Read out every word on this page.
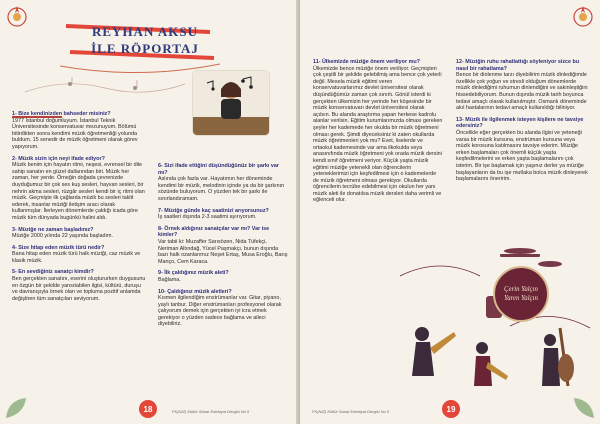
REYHAN AKSU
İLE RÖPORTAJ
1- Bize kendinizden bahseder misiniz?
1977 İstanbul doğumluyum. İstanbul Teknik Üniversitesinde konservatuvar mezunuyum. Bölümü bitirdikten sonra kendimi müzik öğretmenliği yolunda buldum. 15 senedir de müzik öğretmeni olarak görev yapıyorum.
2- Müzik sizin için neyi ifade ediyor?
Müzik benim için hayatın ritmi, neşesi, evrensel bir dile sahip sanatın en güzel dallarından biri. Müzik her zaman, her yerde. Örneğin doğada çevrenizde duyduğumuz bir çok ses kuş sesleri, hayvan sesleri, bir nehrin akma sesleri, rüzgâr sesleri kendi bir iç ritmi olan müzik. Geçmişte ilk çağlarda müzik bu sesleri taklit ederek, insanlar müziği iletişim aracı olarak kullanmışlar. İlerleyen dönemlerde çaldığı icada göre müzik tüm dünyada bugünkü halini aldı.
3- Müziğe ne zaman başladınız?
Müziğe 2000 yılında 22 yaşında başladım.
4- Size hitap eden müzik türü nedir?
Bana hitap eden müzik türü halk müziği, caz müzik ve klasik müzik.
5- En sevdiğiniz sanatçı kimdir?
Ben gerçekten sanatını, eserini oluştururken duygusunu en özgün bir şekilde yansıtabilen ilgisi, kültürü, duruşu ve davranışıyla örnek olan ve topluma pozitif anlamda değiştiren tüm sanatçıları seviyorum.
6- Sizi ifade ettiğini düşündüğünüz bir şarkı var mı?
Aslında çok fazla var. Hayatımın her döneminde kendimi bir müzik, melodinin içinde ya da bir şarkının sözünde buluyorum. O yüzden tek bir şarkı ile sınırlandıramam.
7- Müziğe günde kaç saatinizi arıyorsunuz?
İş saatleri dışında 2-3 saatimi ayırıyorum.
8- Örnek aldığınız sanatçılar var mı? Var ise kimler?
Var tabii ki: Muzaffer Sarısözen, Nida Tüfekçi, Neriman Altındağ, Yücel Paşmakçı, bunun dışında bazı halk ozanlarımız Neşet Ertaş, Musa Eroğlu, Barış Manço, Cem Karaca.
9- İlk çaldığınız müzik aleti?
Bağlama.
10- Çaldığınız müzik aletleri?
Kısmen ilgilendiğim enstrümanlar var. Gitar, piyano, yaylı tanbur. Diğer enstrümanları profesyonel olarak çalıyorum demek için gerçekten iyi icra etmek gerekiyor o yüzden sadece bağlama ve aileci diyebiliriz.
18	FK(NIZ) Kültür Sanat Edebiyat Dergisi No 5
11- Ülkemizde müziğe önem veriliyor mu?
Ülkemizde bence müziğe önem veriliyor. Geçmişten çok çeşitli bir şekilde gelebilmiş ama bence çok yeterli değil. Mesela müzik eğitimi veren konservatuvarlarımız devlet üniversitesi olarak düşündüğümüz zaman çok sınırlı. Gönül isterdi ki gerçekten ülkemizin her yerinde her köşesinde bir müzik konservatuvarı devlet üniversitesi olarak açılsın. Bu alanda araştırma yapan herkese kadrolu alanlar verilsin. Eğitim kurumlarımızda olması gereken şeyler her kademede her okulda bir müzik öğretmeni olması gerek. Şimdi diyeceksiniz ki zaten okullarda müzik öğretmenleri yok mu? Evet, liselerde ve ortaokul kademesinde var ama ilkokulda veya anasınıfında müzik öğretmeni yok orada müzik dersini kendi sınıf öğretmeni veriyor. Küçük yaşta müzik eğitimi müziğe yetenekli olan öğrencilerin yeteneklerimizi için keşfedilmesi için o kademelerde de müzik öğretmeni olması gerekiyor. Okullarda öğrencilerin tecrübe edebilmesi için okulun her yanı müzik aleti ile donatılsa müzik dersleri daha verimli ve eğlenceli olur.
12- Müziğin ruhu rahatlattığı söyleniyor sizce bu nasıl bir rahatlama?
Bence bir dinlenme tarzı diyebilirim müzik dinlediğimde özellikle çok yoğun ve stresli olduğum dönemlerde müzik dinlediğimi ruhumun dinlendiğini ve sakinleştiğini hissedebiliyorum. Bunun dışında müzik tarih boyunca tedavi amaçlı olarak kullanılmıştır. Osmanlı döneminde akıl hastalarının tedavi amaçlı kullanıldığı biliniyor.
13- Müzik ile ilgilenmek isteyen kişilere ne tavsiye edersiniz?
Öncelikle eğer gerçekten bu alanda ilgisi ve yeteneği varsa bir müzik kursuna, enstrüman kursuna veya müzik korosuna katılmasını tavsiye ederim. Müziğe erken başlamaları çok önemli küçük yaşta keşfedilmelerini ve erken yaşta başlamalarını çok isterim. Bir işe başlamak için yaşınız derler ya müziğe başlayanların da bu işe mutlaka bolca müzik dinleyerek başlamalarını öneririm.
Çerin Yalçın
Yaren Yalçın
FK(NIZ) Kültür Sanat Edebiyat Dergisi No 5	19
